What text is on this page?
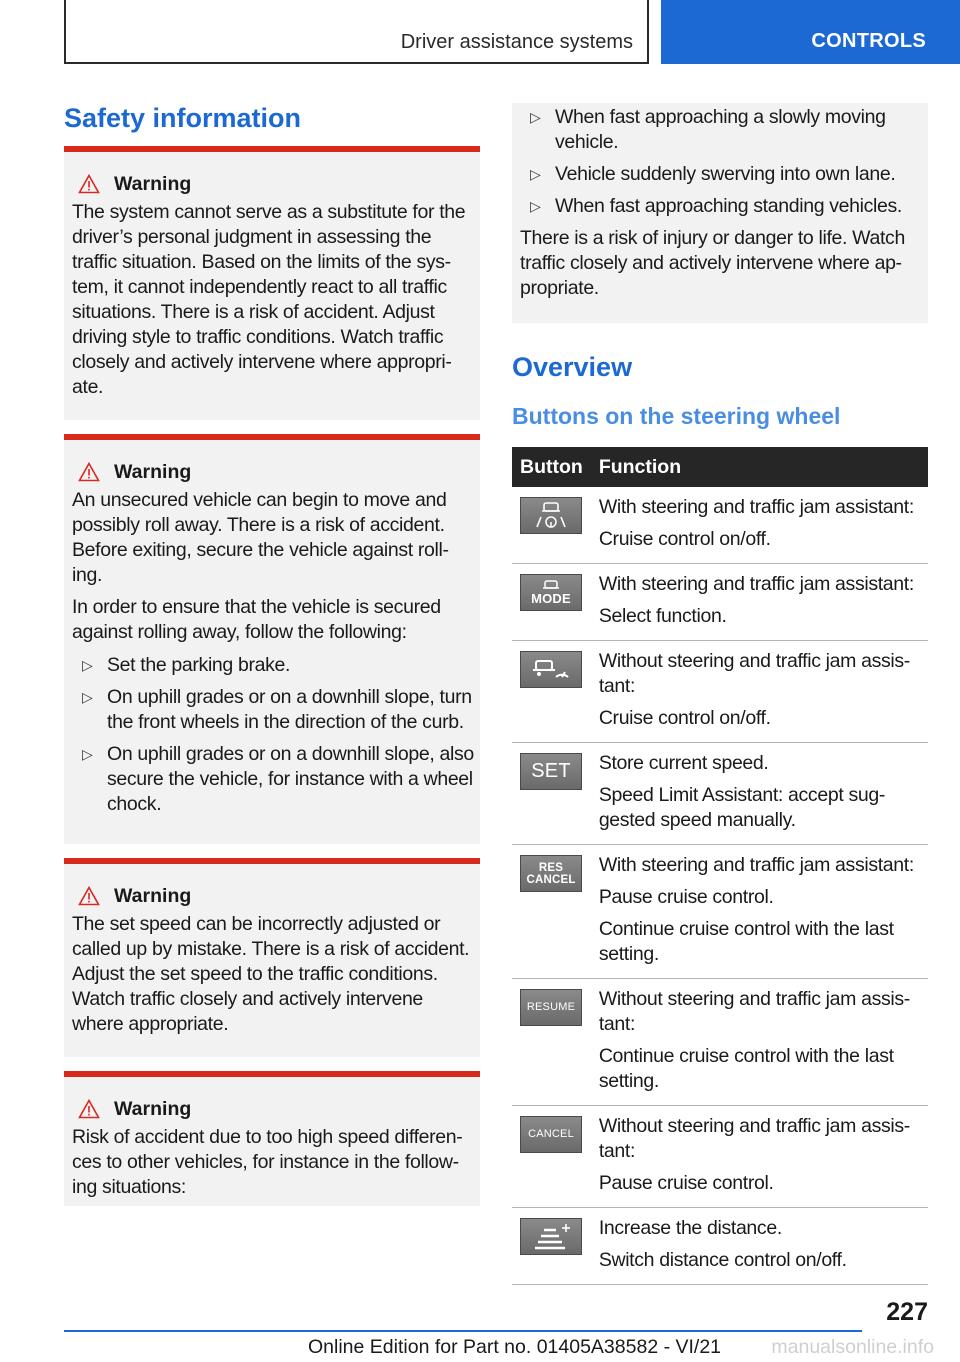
Driver assistance systems	CONTROLS
Safety information
Warning
The system cannot serve as a substitute for the driver’s personal judgment in assessing the traffic situation. Based on the limits of the sys-tem, it cannot independently react to all traffic situations. There is a risk of accident. Adjust driving style to traffic conditions. Watch traffic closely and actively intervene where appropri-ate.
Warning
An unsecured vehicle can begin to move and possibly roll away. There is a risk of accident. Before exiting, secure the vehicle against roll-ing.
In order to ensure that the vehicle is secured against rolling away, follow the following:
▷ Set the parking brake.
▷ On uphill grades or on a downhill slope, turn the front wheels in the direction of the curb.
▷ On uphill grades or on a downhill slope, also secure the vehicle, for instance with a wheel chock.
Warning
The set speed can be incorrectly adjusted or called up by mistake. There is a risk of accident. Adjust the set speed to the traffic conditions. Watch traffic closely and actively intervene where appropriate.
Warning
Risk of accident due to too high speed differen-ces to other vehicles, for instance in the follow-ing situations:
▷ When fast approaching a slowly moving vehicle.
▷ Vehicle suddenly swerving into own lane.
▷ When fast approaching standing vehicles.
There is a risk of injury or danger to life. Watch traffic closely and actively intervene where ap-propriate.
Overview
Buttons on the steering wheel
Button	Function

With steering and traffic jam assistant:
Cruise control on/off.

MODE	With steering and traffic jam assistant:
Select function.

Without steering and traffic jam assis-tant:
Cruise control on/off.

SET	Store current speed.
Speed Limit Assistant: accept sug-gested speed manually.

RES CANCEL	With steering and traffic jam assistant:
Pause cruise control.
Continue cruise control with the last setting.

RESUME	Without steering and traffic jam assis-tant:
Continue cruise control with the last setting.

CANCEL	Without steering and traffic jam assis-tant:
Pause cruise control.

Increase the distance.
Switch distance control on/off.
227
Online Edition for Part no. 01405A38582 - VI/21	manualsonline.info
